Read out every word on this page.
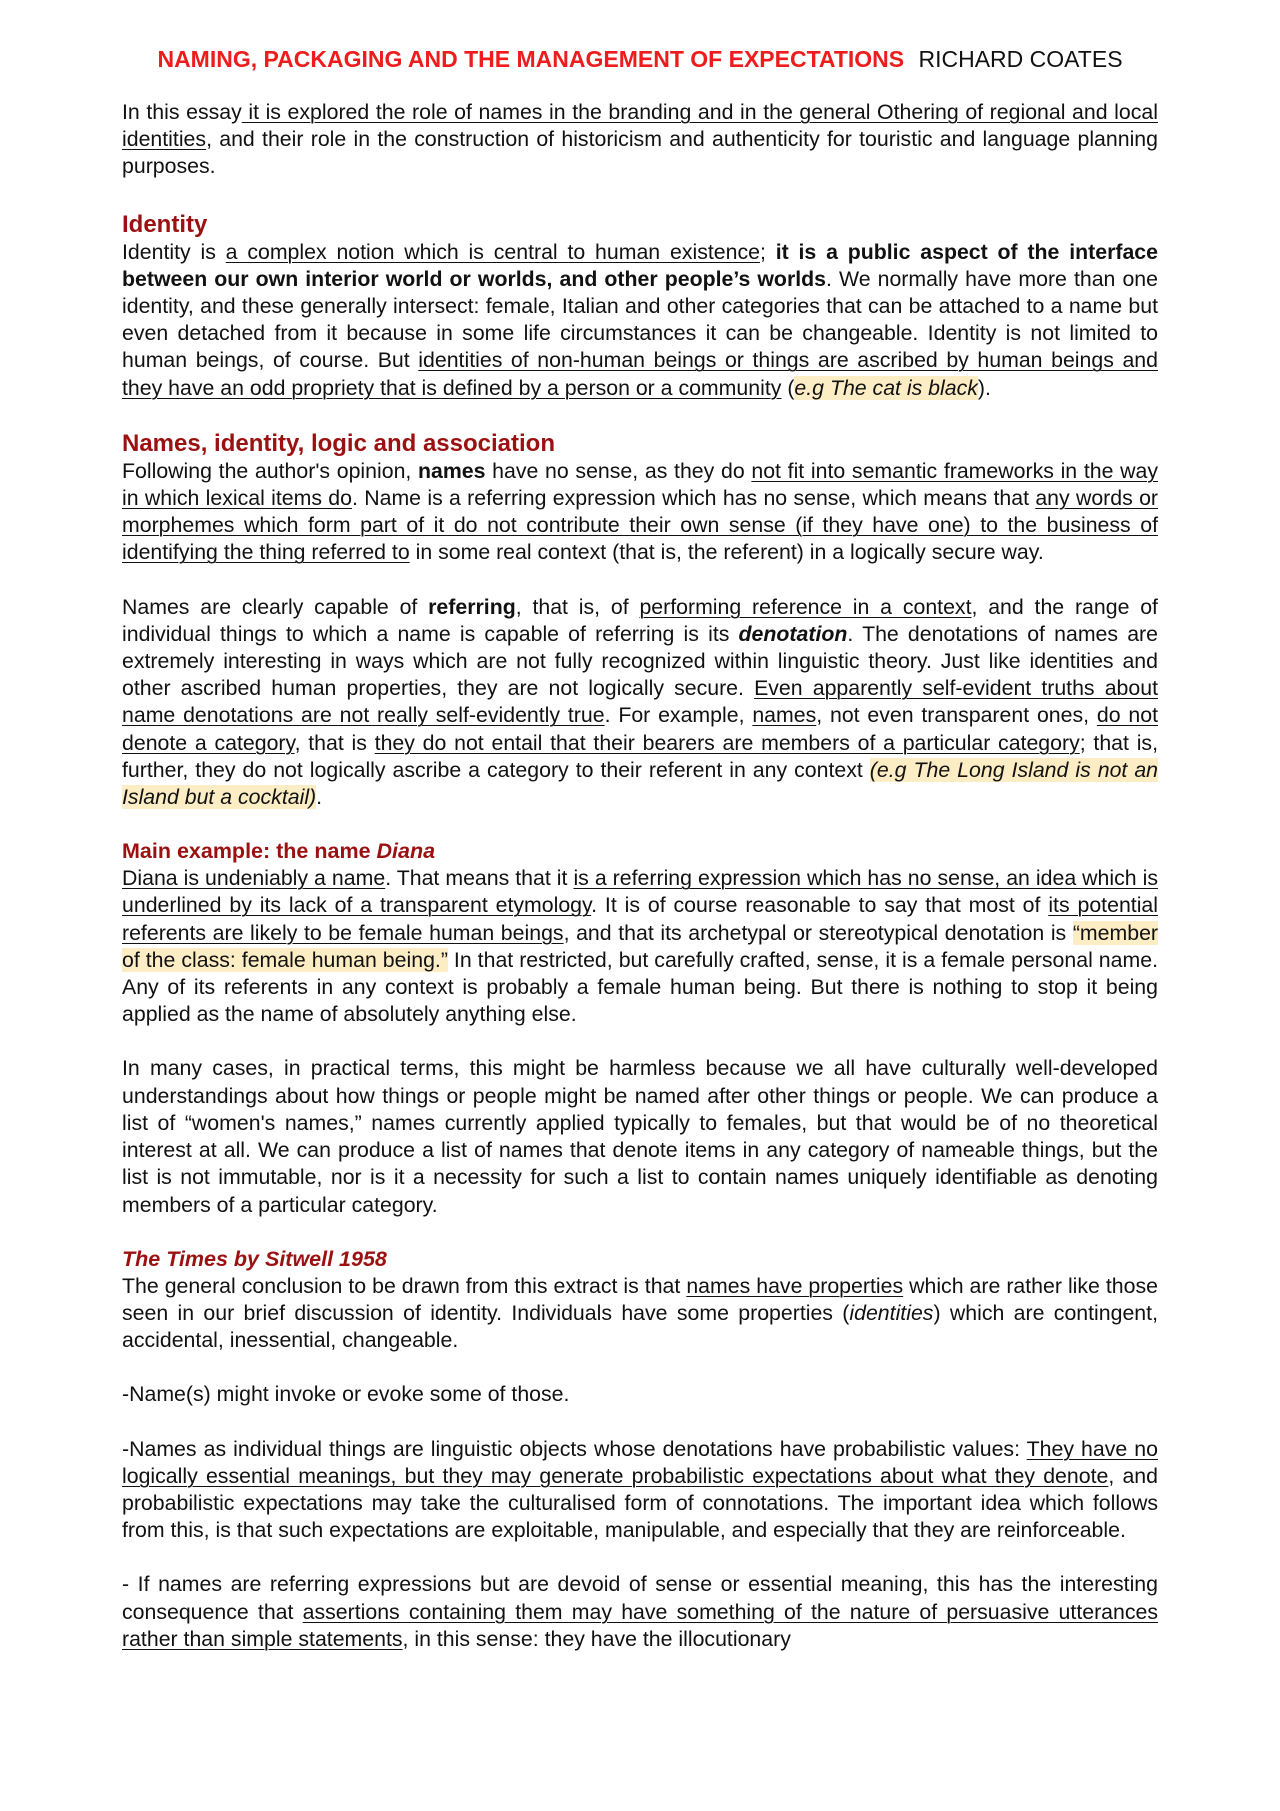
NAMING, PACKAGING AND THE MANAGEMENT OF EXPECTATIONS RICHARD COATES

In this essay it is explored the role of names in the branding and in the general Othering of regional and local identities, and their role in the construction of historicism and authenticity for touristic and language planning purposes.

Identity

Identity is a complex notion which is central to human existence; it is a public aspect of the interface between our own interior world or worlds, and other people’s worlds. We normally have more than one identity, and these generally intersect: female, Italian and other categories that can be attached to a name but even detached from it because in some life circumstances it can be changeable. Identity is not limited to human beings, of course. But identities of non-human beings or things are ascribed by human beings and they have an odd propriety that is defined by a person or a community (e.g The cat is black).

Names, identity, logic and association

Following the author's opinion, names have no sense, as they do not fit into semantic frameworks in the way in which lexical items do. Name is a referring expression which has no sense, which means that any words or morphemes which form part of it do not contribute their own sense (if they have one) to the business of identifying the thing referred to in some real context (that is, the referent) in a logically secure way.

Names are clearly capable of referring, that is, of performing reference in a context, and the range of individual things to which a name is capable of referring is its denotation. The denotations of names are extremely interesting in ways which are not fully recognized within linguistic theory. Just like identities and other ascribed human properties, they are not logically secure. Even apparently self-evident truths about name denotations are not really self-evidently true. For example, names, not even transparent ones, do not denote a category, that is they do not entail that their bearers are members of a particular category; that is, further, they do not logically ascribe a category to their referent in any context (e.g The Long Island is not an Island but a cocktail).

Main example: the name Diana

Diana is undeniably a name. That means that it is a referring expression which has no sense, an idea which is underlined by its lack of a transparent etymology. It is of course reasonable to say that most of its potential referents are likely to be female human beings, and that its archetypal or stereotypical denotation is “member of the class: female human being.” In that restricted, but carefully crafted, sense, it is a female personal name. Any of its referents in any context is probably a female human being. But there is nothing to stop it being applied as the name of absolutely anything else.

In many cases, in practical terms, this might be harmless because we all have culturally well-developed understandings about how things or people might be named after other things or people. We can produce a list of “women's names,” names currently applied typically to females, but that would be of no theoretical interest at all. We can produce a list of names that denote items in any category of nameable things, but the list is not immutable, nor is it a necessity for such a list to contain names uniquely identifiable as denoting members of a particular category.

The Times by Sitwell 1958

The general conclusion to be drawn from this extract is that names have properties which are rather like those seen in our brief discussion of identity. Individuals have some properties (identities) which are contingent, accidental, inessential, changeable.

-Name(s) might invoke or evoke some of those.

-Names as individual things are linguistic objects whose denotations have probabilistic values: They have no logically essential meanings, but they may generate probabilistic expectations about what they denote, and probabilistic expectations may take the culturalised form of connotations. The important idea which follows from this, is that such expectations are exploitable, manipulable, and especially that they are reinforceable.

- If names are referring expressions but are devoid of sense or essential meaning, this has the interesting consequence that assertions containing them may have something of the nature of persuasive utterances rather than simple statements, in this sense: they have the illocutionary
